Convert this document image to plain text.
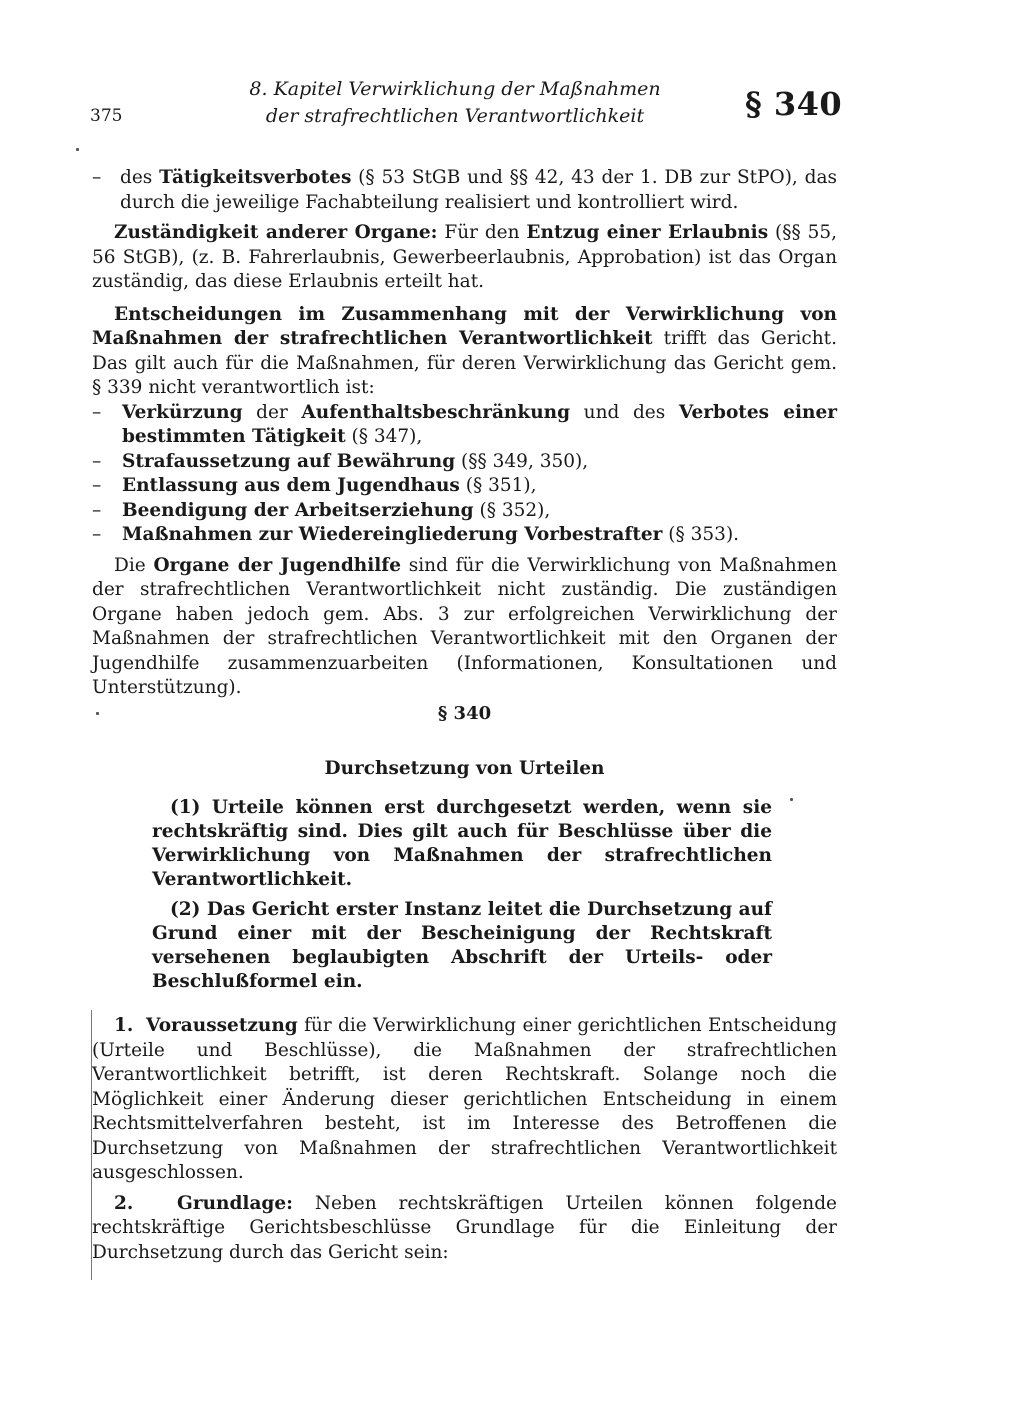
375
8. Kapitel Verwirklichung der Maßnahmen
der strafrechtlichen Verantwortlichkeit	§ 340
– des Tätigkeitsverbotes (§ 53 StGB und §§ 42, 43 der 1. DB zur StPO), das durch die jeweilige Fachabteilung realisiert und kontrolliert wird.

Zuständigkeit anderer Organe: Für den Entzug einer Erlaubnis (§§ 55, 56 StGB), (z. B. Fahrerlaubnis, Gewerbeerlaubnis, Approbation) ist das Organ zuständig, das diese Erlaubnis erteilt hat.

Entscheidungen im Zusammenhang mit der Verwirklichung von Maßnahmen der strafrechtlichen Verantwortlichkeit trifft das Gericht. Das gilt auch für die Maßnahmen, für deren Verwirklichung das Gericht gem. § 339 nicht verantwortlich ist:

– Verkürzung der Aufenthaltsbeschränkung und des Verbotes einer bestimmten Tätigkeit (§ 347),
– Strafaussetzung auf Bewährung (§§ 349, 350),
– Entlassung aus dem Jugendhaus (§ 351),
– Beendigung der Arbeitserziehung (§ 352),
– Maßnahmen zur Wiedereingliederung Vorbestrafter (§ 353).

Die Organe der Jugendhilfe sind für die Verwirklichung von Maßnahmen der strafrechtlichen Verantwortlichkeit nicht zuständig. Die zuständigen Organe haben jedoch gem. Abs. 3 zur erfolgreichen Verwirklichung der Maßnahmen der strafrechtlichen Verantwortlichkeit mit den Organen der Jugendhilfe zusammenzuarbeiten (Informationen, Konsultationen und Unterstützung).

§ 340
Durchsetzung von Urteilen

(1) Urteile können erst durchgesetzt werden, wenn sie rechtskräftig sind. Dies gilt auch für Beschlüsse über die Verwirklichung von Maßnahmen der strafrechtlichen Verantwortlichkeit.

(2) Das Gericht erster Instanz leitet die Durchsetzung auf Grund einer mit der Bescheinigung der Rechtskraft versehenen beglaubigten Abschrift der Urteils- oder Beschlußformel ein.

1. Voraussetzung für die Verwirklichung einer gerichtlichen Entscheidung (Urteile und Beschlüsse), die Maßnahmen der strafrechtlichen Verantwortlichkeit betrifft, ist deren Rechtskraft. Solange noch die Möglichkeit einer Änderung dieser gerichtlichen Entscheidung in einem Rechtsmittelverfahren besteht, ist im Interesse des Betroffenen die Durchsetzung von Maßnahmen der strafrechtlichen Verantwortlichkeit ausgeschlossen.

2. Grundlage: Neben rechtskräftigen Urteilen können folgende rechtskräftige Gerichtsbeschlüsse Grundlage für die Einleitung der Durchsetzung durch das Gericht sein:
